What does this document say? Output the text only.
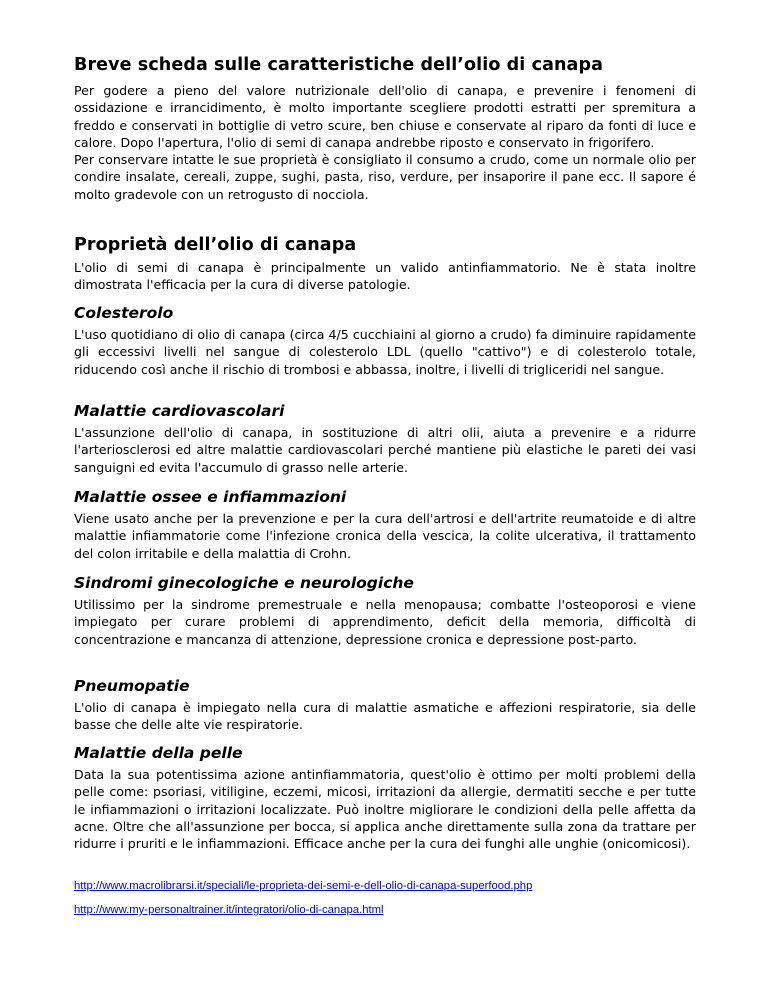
Breve scheda sulle caratteristiche dell’olio di canapa

Per godere a pieno del valore nutrizionale dell'olio di canapa, e prevenire i fenomeni di ossidazione e irrancidimento, è molto importante scegliere prodotti estratti per spremitura a freddo e conservati in bottiglie di vetro scure, ben chiuse e conservate al riparo da fonti di luce e calore. Dopo l'apertura, l'olio di semi di canapa andrebbe riposto e conservato in frigorifero.

Per conservare intatte le sue proprietà è consigliato il consumo a crudo, come un normale olio per condire insalate, cereali, zuppe, sughi, pasta, riso, verdure, per insaporire il pane ecc. Il sapore é molto gradevole con un retrogusto di nocciola.

Proprietà dell’olio di canapa

L'olio di semi di canapa è principalmente un valido antinfiammatorio. Ne è stata inoltre dimostrata l'efficacia per la cura di diverse patologie.

Colesterolo

L'uso quotidiano di olio di canapa (circa 4/5 cucchiaini al giorno a crudo) fa diminuire rapidamente gli eccessivi livelli nel sangue di colesterolo LDL (quello "cattivo") e di colesterolo totale, riducendo così anche il rischio di trombosi e abbassa, inoltre, i livelli di trigliceridi nel sangue.

Malattie cardiovascolari

L'assunzione dell'olio di canapa, in sostituzione di altri olii, aiuta a prevenire e a ridurre l'arteriosclerosi ed altre malattie cardiovascolari perché mantiene più elastiche le pareti dei vasi sanguigni ed evita l'accumulo di grasso nelle arterie.

Malattie ossee e infiammazioni

Viene usato anche per la prevenzione e per la cura dell'artrosi e dell'artrite reumatoide e di altre malattie infiammatorie come l'infezione cronica della vescica, la colite ulcerativa, il trattamento del colon irritabile e della malattia di Crohn.

Sindromi ginecologiche e neurologiche

Utilissimo per la sindrome premestruale e nella menopausa; combatte l'osteoporosi e viene impiegato per curare problemi di apprendimento, deficit della memoria, difficoltà di concentrazione e mancanza di attenzione, depressione cronica e depressione post-parto.

Pneumopatie

L'olio di canapa è impiegato nella cura di malattie asmatiche e affezioni respiratorie, sia delle basse che delle alte vie respiratorie.

Malattie della pelle

Data la sua potentissima azione antinfiammatoria, quest'olio è ottimo per molti problemi della pelle come: psoriasi, vitiligine, eczemi, micosi, irritazioni da allergie, dermatiti secche e per tutte le infiammazioni o irritazioni localizzate. Può inoltre migliorare le condizioni della pelle affetta da acne. Oltre che all'assunzione per bocca, si applica anche direttamente sulla zona da trattare per ridurre i pruriti e le infiammazioni. Efficace anche per la cura dei funghi alle unghie (onicomicosi).

http://www.macrolibrarsi.it/speciali/le-proprieta-dei-semi-e-dell-olio-di-canapa-superfood.php
http://www.my-personaltrainer.it/integratori/olio-di-canapa.html
